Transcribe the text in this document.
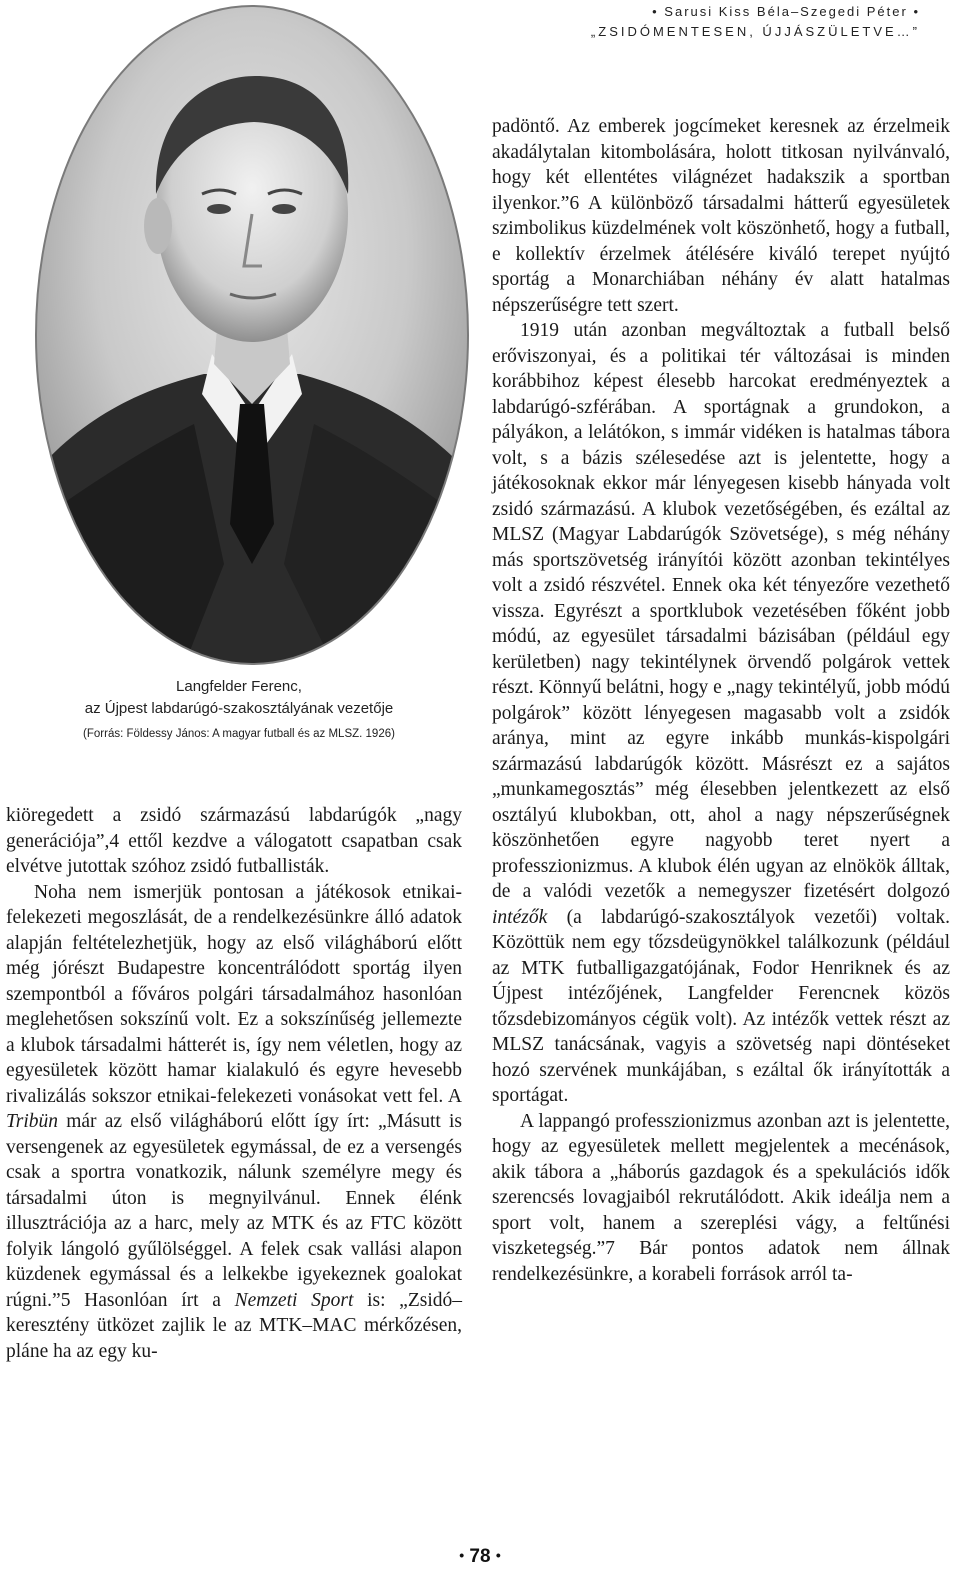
• Sarusi Kiss Béla–Szegedi Péter •
„ZSIDÓMENTESEN, ÚJJÁSZÜLETVE…”
Langfelder Ferenc,
az Újpest labdarúgó-szakosztályának vezetője
(Forrás: Földessy János: A magyar futball és az MLSZ. 1926)

kiöregedett a zsidó származású labdarúgók „nagy generációja”,4 ettől kezdve a válogatott csapatban csak elvétve jutottak szóhoz zsidó futballisták.

Noha nem ismerjük pontosan a játékosok etnikai-felekezeti megoszlását, de a rendelkezésünkre álló adatok alapján feltételezhetjük, hogy az első világháború előtt még jórészt Budapestre koncentrálódott sportág ilyen szempontból a főváros polgári társadalmához hasonlóan meglehetősen sokszínű volt. Ez a sokszínűség jellemezte a klubok társadalmi hátterét is, így nem véletlen, hogy az egyesületek között hamar kialakuló és egyre hevesebb rivalizálás sokszor etnikai-felekezeti vonásokat vett fel. A Tribün már az első világháború előtt így írt: „Másutt is versengenek az egyesületek egymással, de ez a versengés csak a sportra vonatkozik, nálunk személyre megy és társadalmi úton is megnyilvánul. Ennek élénk illusztrációja az a harc, mely az MTK és az FTC között folyik lángoló gyűlölséggel. A felek csak vallási alapon küzdenek egymással és a lelkekbe igyekeznek goalokat rúgni.”5 Hasonlóan írt a Nemzeti Sport is: „Zsidó–keresztény ütközet zajlik le az MTK–MAC mérkőzésen, pláne ha az egy ku-

padöntő. Az emberek jogcímeket keresnek az érzelmeik akadálytalan kitombolására, holott titkosan nyilvánvaló, hogy két ellentétes világnézet hadakszik a sportban ilyenkor.”6 A különböző társadalmi hátterű egyesületek szimbolikus küzdelmének volt köszönhető, hogy a futball, e kollektív érzelmek átélésére kiváló terepet nyújtó sportág a Monarchiában néhány év alatt hatalmas népszerűségre tett szert.

1919 után azonban megváltoztak a futball belső erőviszonyai, és a politikai tér változásai is minden korábbihoz képest élesebb harcokat eredményeztek a labdarúgó-szférában. A sportágnak a grundokon, a pályákon, a lelátókon, s immár vidéken is hatalmas tábora volt, s a bázis szélesedése azt is jelentette, hogy a játékosoknak ekkor már lényegesen kisebb hányada volt zsidó származású. A klubok vezetőségében, és ezáltal az MLSZ (Magyar Labdarúgók Szövetsége), s még néhány más sportszövetség irányítói között azonban tekintélyes volt a zsidó részvétel. Ennek oka két tényezőre vezethető vissza. Egyrészt a sportklubok vezetésében főként jobb módú, az egyesület társadalmi bázisában (például egy kerületben) nagy tekintélynek örvendő polgárok vettek részt. Könnyű belátni, hogy e „nagy tekintélyű, jobb módú polgárok” között lényegesen magasabb volt a zsidók aránya, mint az egyre inkább munkás-kispolgári származású labdarúgók között. Másrészt ez a sajátos „munkamegosztás” még élesebben jelentkezett az első osztályú klubokban, ott, ahol a nagy népszerűségnek köszönhetően egyre nagyobb teret nyert a professzionizmus. A klubok élén ugyan az elnökök álltak, de a valódi vezetők a nemegyszer fizetésért dolgozó intézők (a labdarúgó-szakosztályok vezetői) voltak. Közöttük nem egy tőzsdeügynökkel találkozunk (például az MTK futballigazgatójának, Fodor Henriknek és az Újpest intézőjének, Langfelder Ferencnek közös tőzsdebizományos cégük volt). Az intézők vettek részt az MLSZ tanácsának, vagyis a szövetség napi döntéseket hozó szervének munkájában, s ezáltal ők irányították a sportágat.

A lappangó professzionizmus azonban azt is jelentette, hogy az egyesületek mellett megjelentek a mecénások, akik tábora a „háborús gazdagok és a spekulációs idők szerencsés lovagjaiból rekrutálódott. Akik ideálja nem a sport volt, hanem a szereplési vágy, a feltűnési viszketegség.”7 Bár pontos adatok nem állnak rendelkezésünkre, a korabeli források arról ta-

• 78 •
